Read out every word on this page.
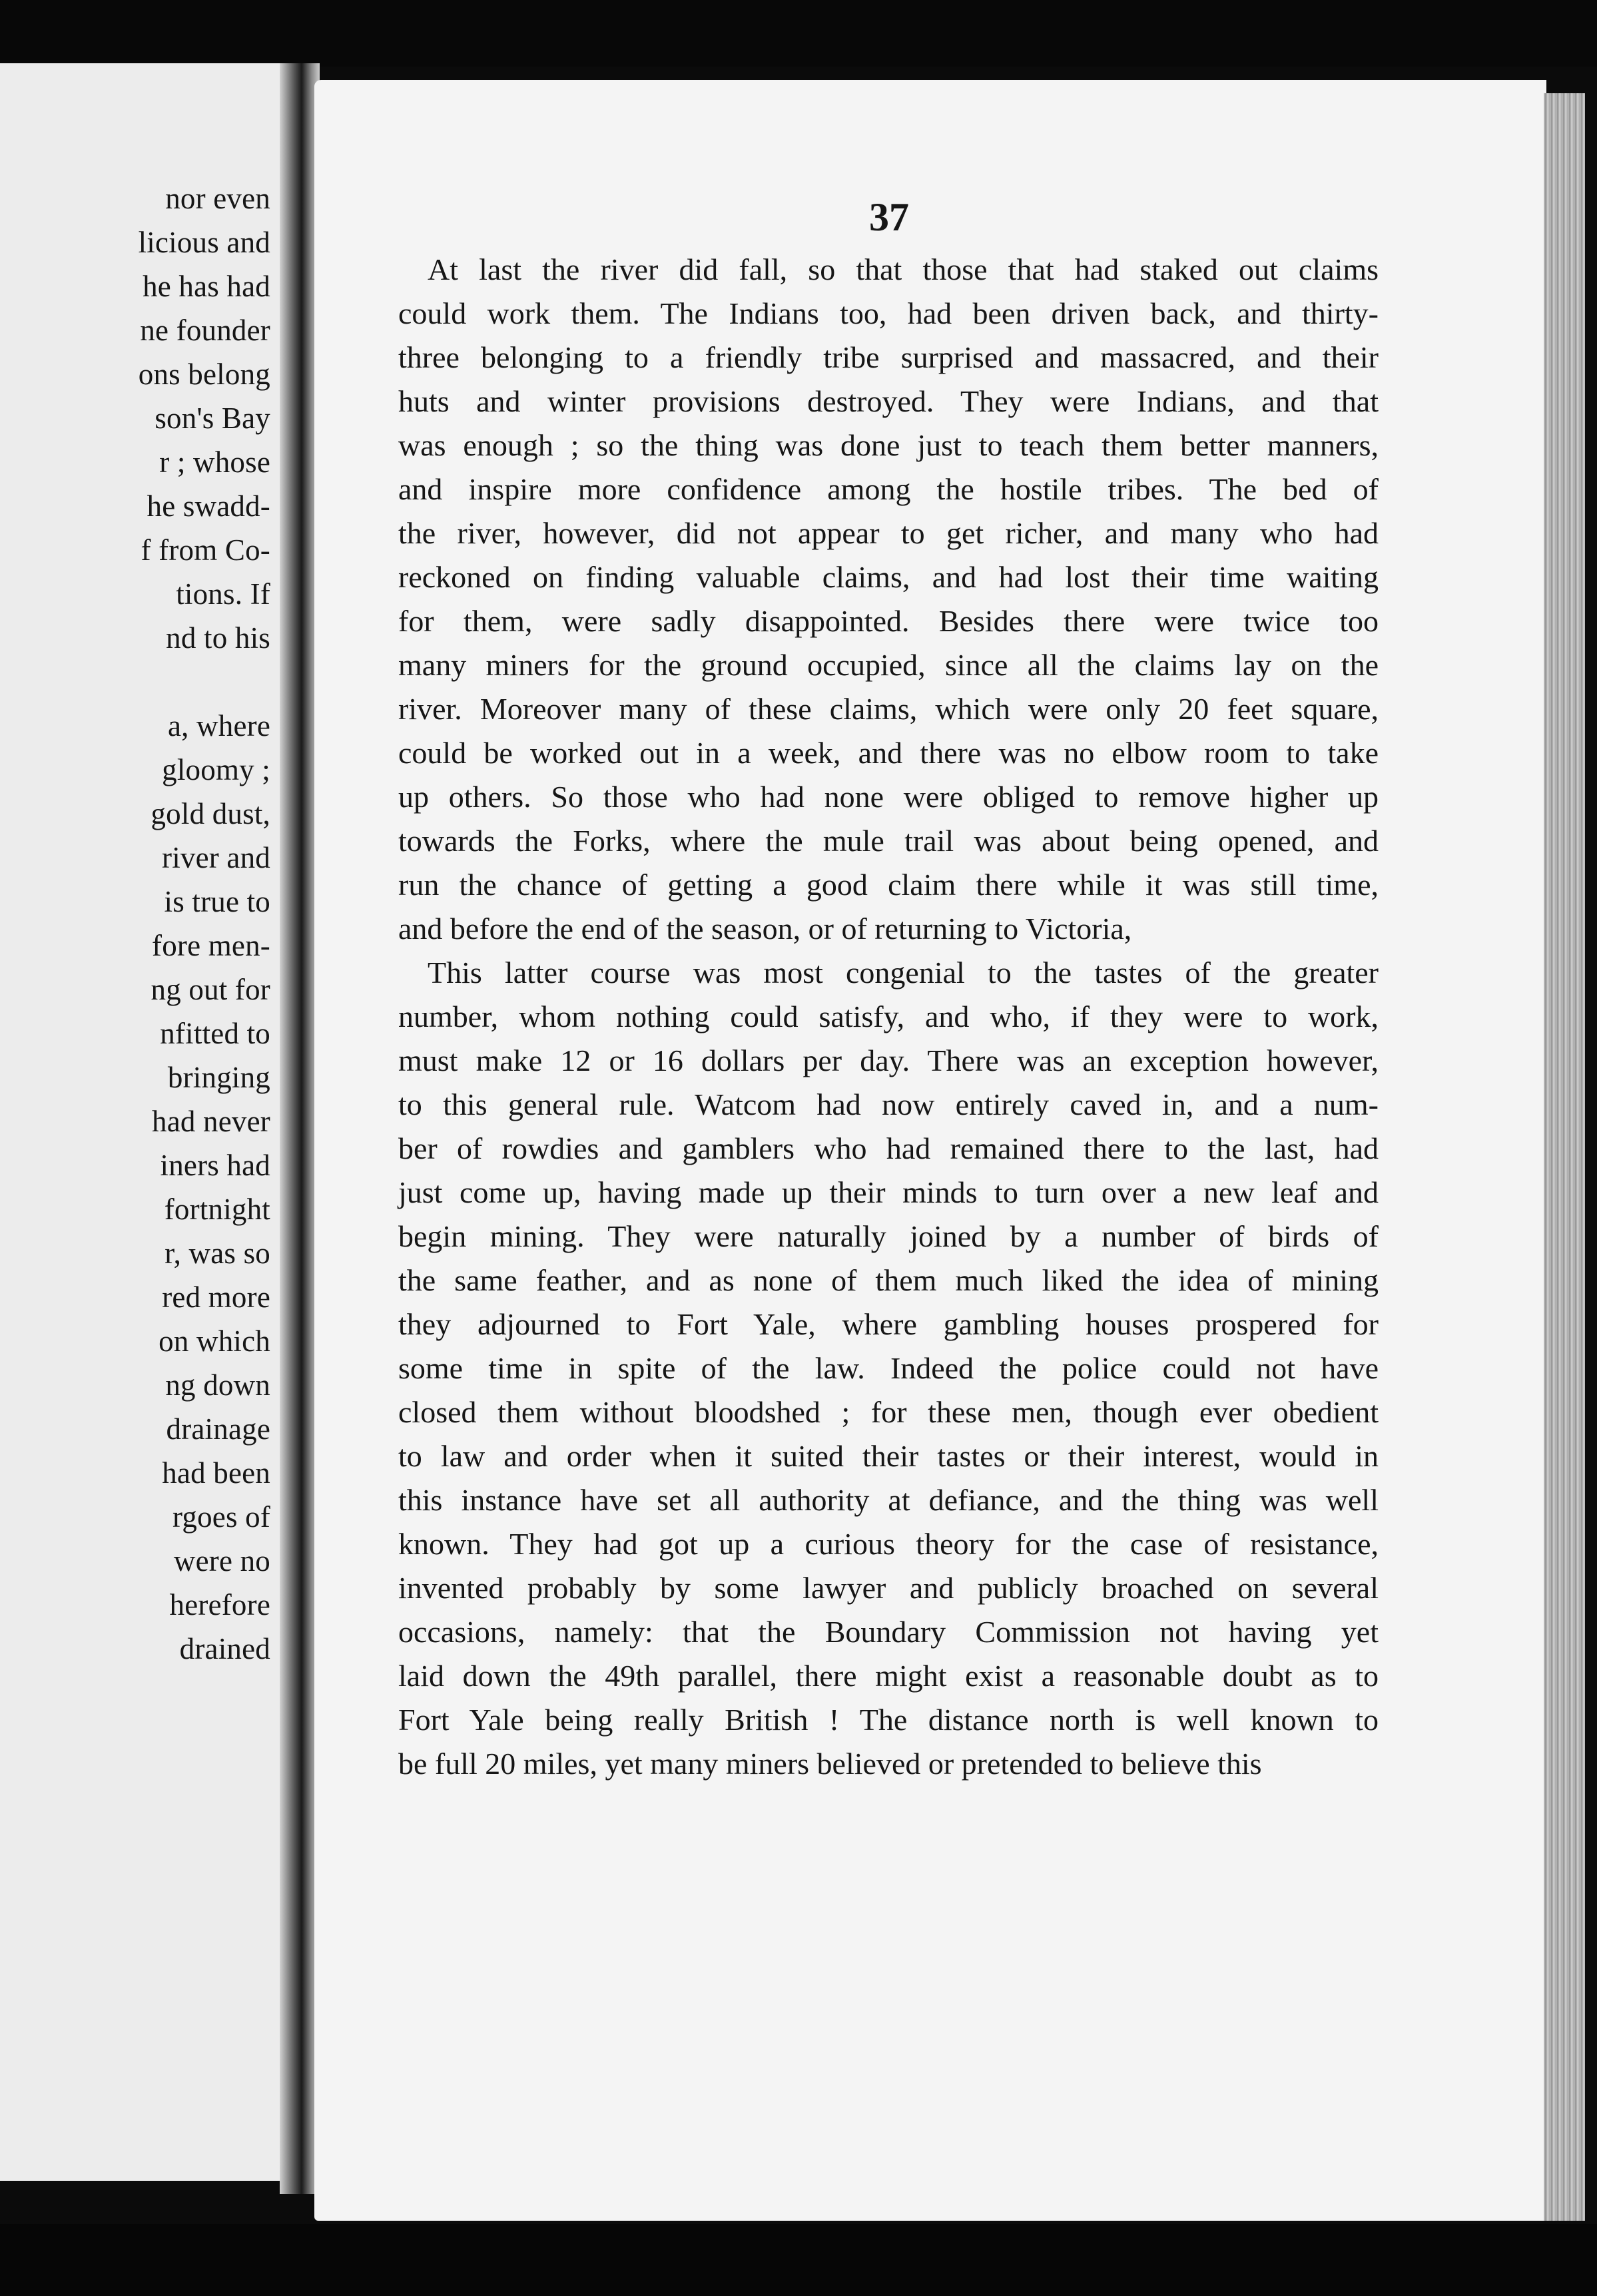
nor even
licious and
he has had
ne founder
ons belong
son's Bay
r ; whose
he swadd-
f from Co-
tions. If
nd to his
a, where
gloomy ;
gold dust,
river and
is true to
fore men-
ng out for
nfitted to
bringing
had never
iners had
fortnight
r, was so
red more
on which
ng down
drainage
had been
rgoes of
were no
herefore
drained
37
At last the river did fall, so that those that had staked out claims
could work them. The Indians too, had been driven back, and thirty-
three belonging to a friendly tribe surprised and massacred, and their
huts and winter provisions destroyed. They were Indians, and that
was enough ; so the thing was done just to teach them better manners,
and inspire more confidence among the hostile tribes. The bed of
the river, however, did not appear to get richer, and many who had
reckoned on finding valuable claims, and had lost their time waiting
for them, were sadly disappointed. Besides there were twice too
many miners for the ground occupied, since all the claims lay on the
river. Moreover many of these claims, which were only 20 feet square,
could be worked out in a week, and there was no elbow room to take
up others. So those who had none were obliged to remove higher up
towards the Forks, where the mule trail was about being opened, and
run the chance of getting a good claim there while it was still time,
and before the end of the season, or of returning to Victoria,
This latter course was most congenial to the tastes of the greater
number, whom nothing could satisfy, and who, if they were to work,
must make 12 or 16 dollars per day. There was an exception however,
to this general rule. Watcom had now entirely caved in, and a num-
ber of rowdies and gamblers who had remained there to the last, had
just come up, having made up their minds to turn over a new leaf and
begin mining. They were naturally joined by a number of birds of
the same feather, and as none of them much liked the idea of mining
they adjourned to Fort Yale, where gambling houses prospered for
some time in spite of the law. Indeed the police could not have
closed them without bloodshed ; for these men, though ever obedient
to law and order when it suited their tastes or their interest, would in
this instance have set all authority at defiance, and the thing was well
known. They had got up a curious theory for the case of resistance,
invented probably by some lawyer and publicly broached on several
occasions, namely: that the Boundary Commission not having yet
laid down the 49th parallel, there might exist a reasonable doubt as to
Fort Yale being really British ! The distance north is well known to
be full 20 miles, yet many miners believed or pretended to believe this
